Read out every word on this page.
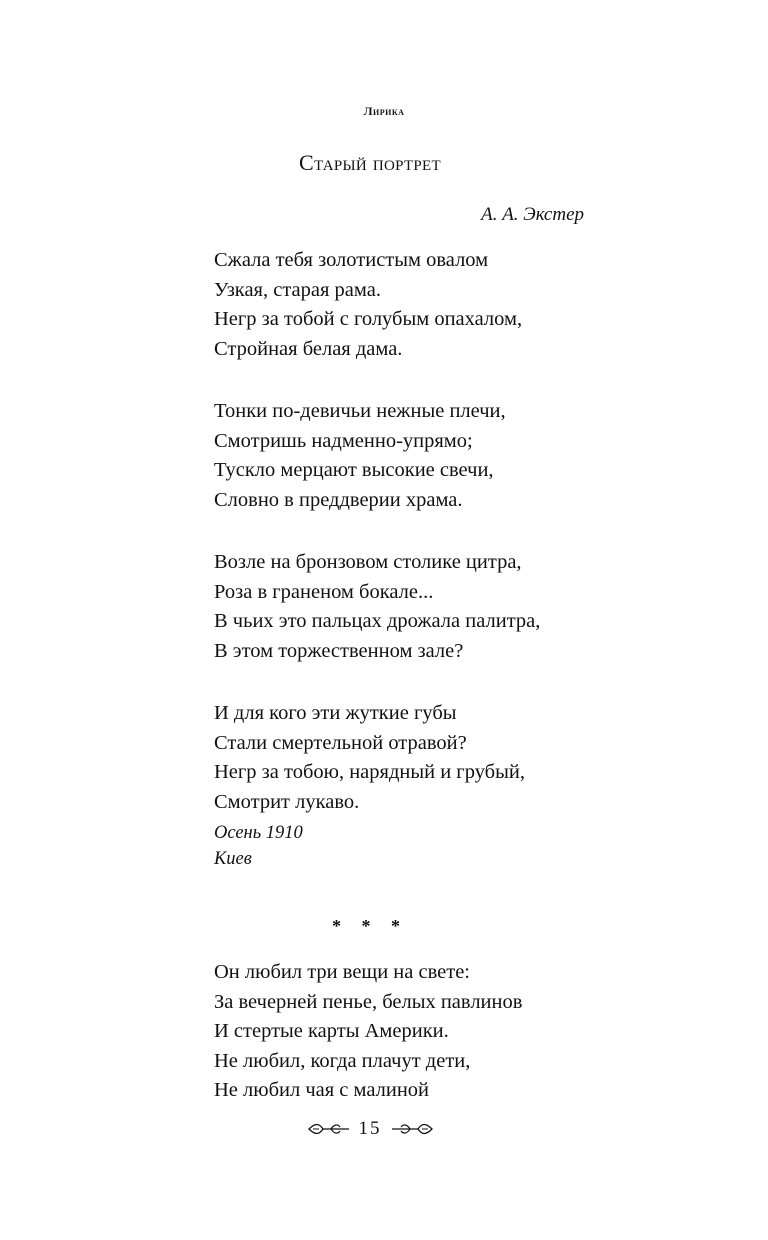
Лирика
Старый портрет
А. А. Экстер
Сжала тебя золотистым овалом
Узкая, старая рама.
Негр за тобой с голубым опахалом,
Стройная белая дама.
Тонки по-девичьи нежные плечи,
Смотришь надменно-упрямо;
Тускло мерцают высокие свечи,
Словно в преддверии храма.
Возле на бронзовом столике цитра,
Роза в граненом бокале...
В чьих это пальцах дрожала палитра,
В этом торжественном зале?
И для кого эти жуткие губы
Стали смертельной отравой?
Негр за тобою, нарядный и грубый,
Смотрит лукаво.
Осень 1910
Киев
* * *
Он любил три вещи на свете:
За вечерней пенье, белых павлинов
И стертые карты Америки.
Не любил, когда плачут дети,
Не любил чая с малиной
15
